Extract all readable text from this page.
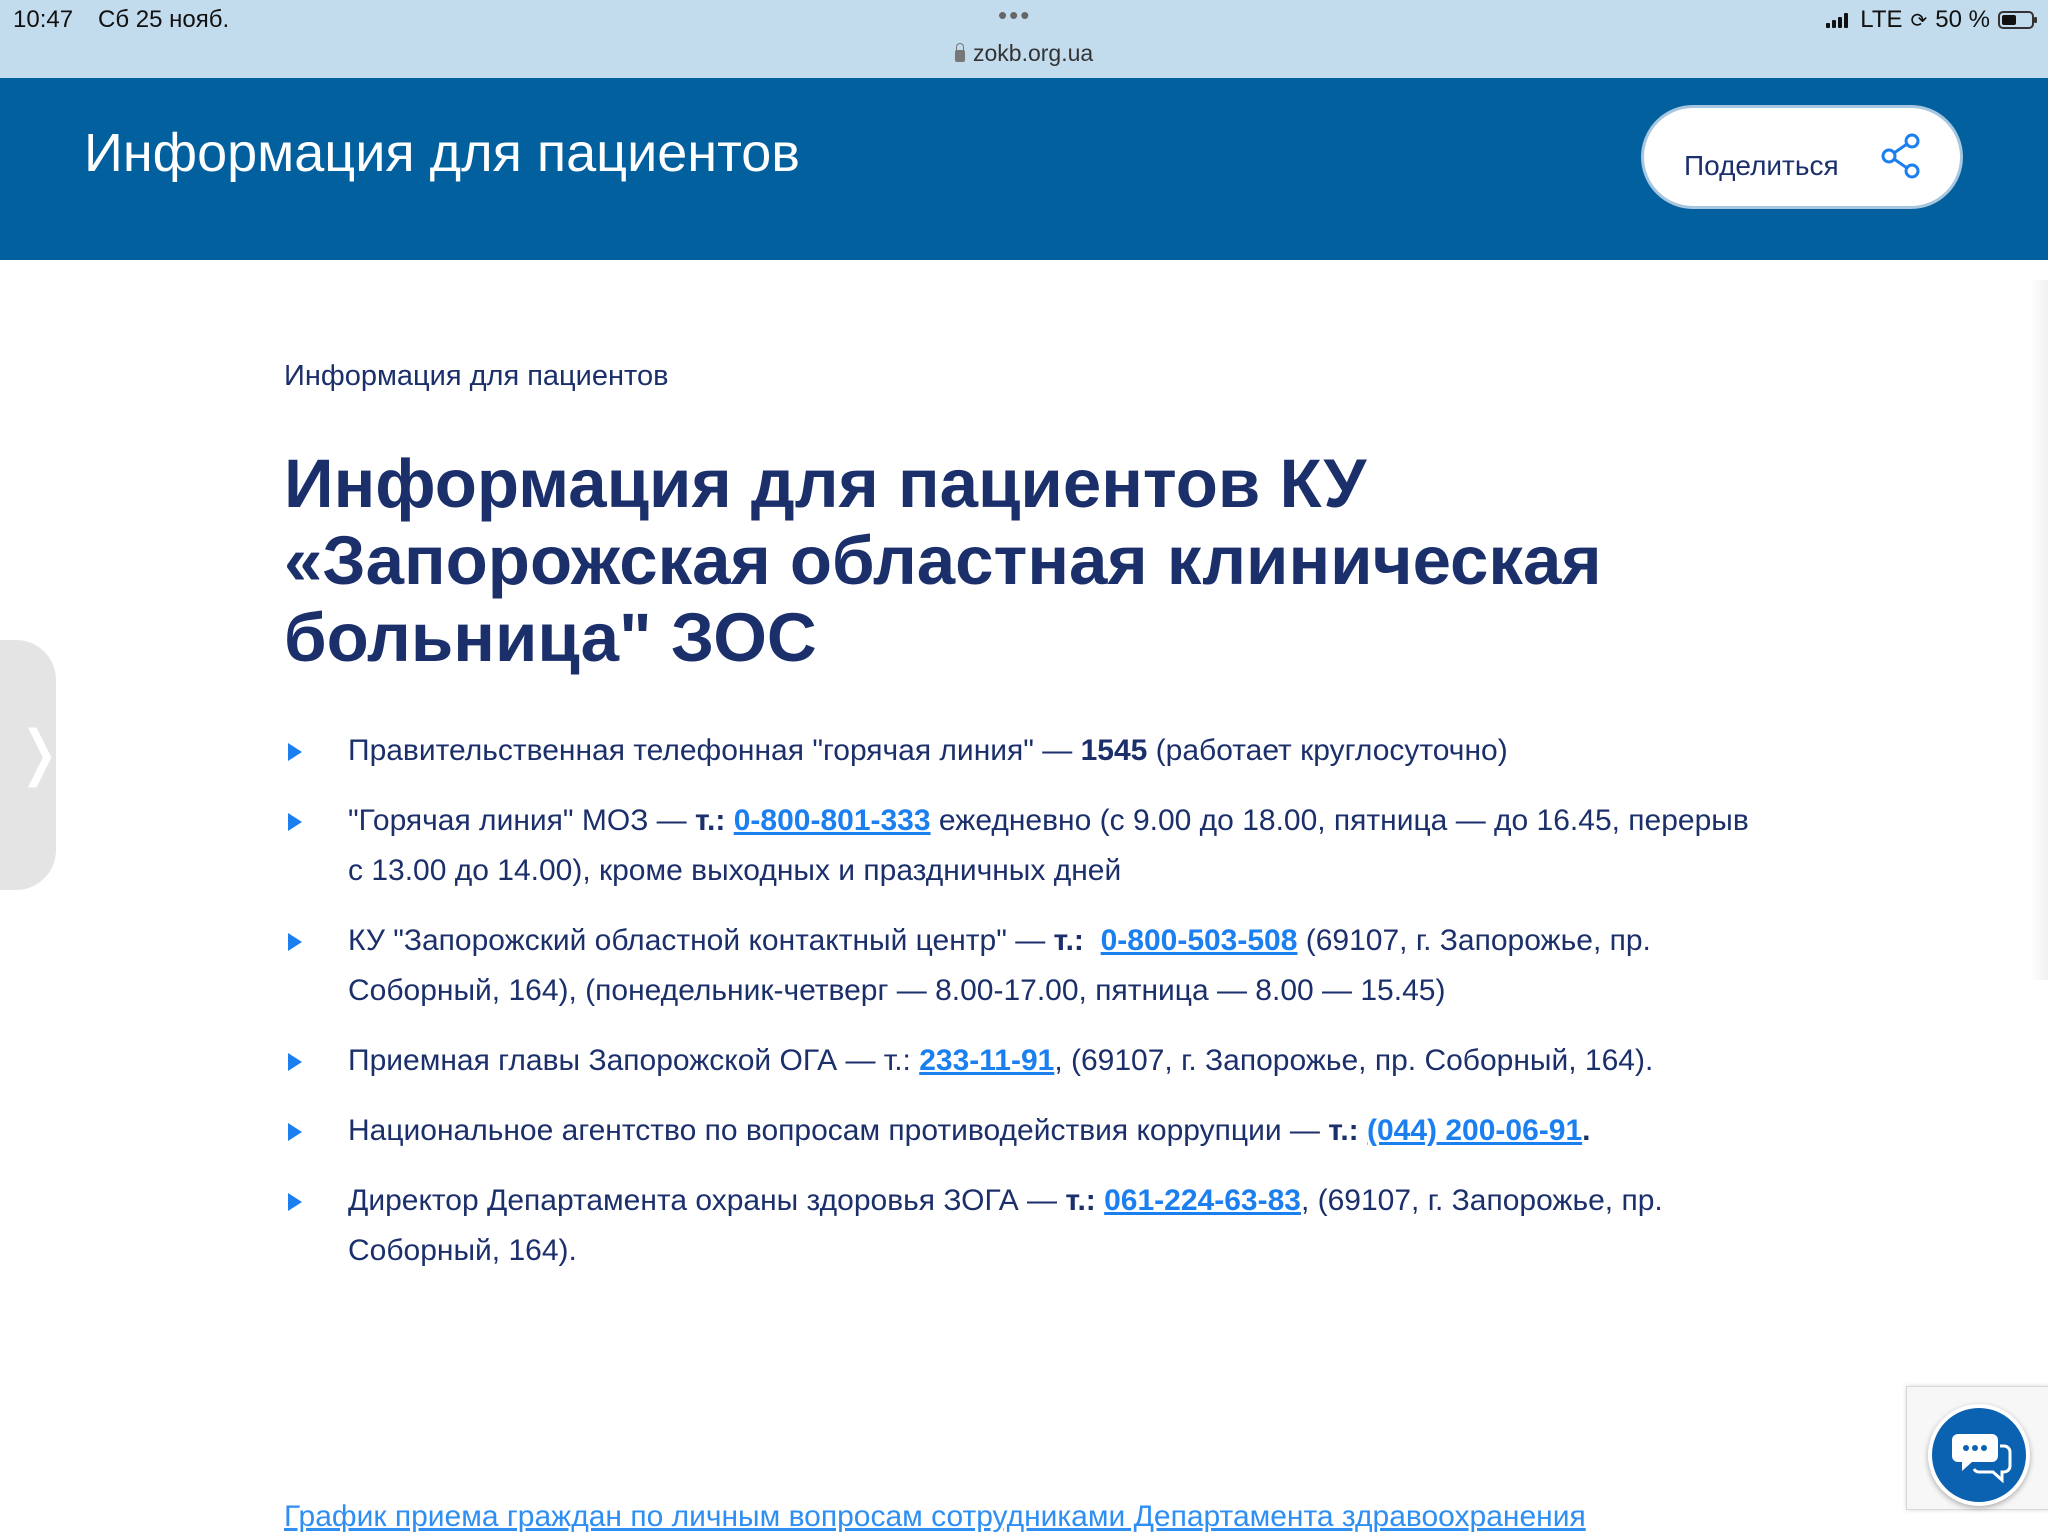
10:47 Сб 25 нояб.	•••
zokb.org.ua
LTE ⟳ 50 %
Информация для пациентов	Поделиться
❭
Информация для пациентов
Информация для пациентов КУ «Запорожская областная клиническая больница" ЗОС
Правительственная телефонная "горячая линия" — 1545 (работает круглосуточно)
"Горячая линия" МОЗ — т.: 0-800-801-333 ежедневно (с 9.00 до 18.00, пятница — до 16.45, перерыв с 13.00 до 14.00), кроме выходных и праздничных дней
КУ "Запорожский областной контактный центр" — т.: 0-800-503-508 (69107, г. Запорожье, пр. Соборный, 164), (понедельник-четверг — 8.00-17.00, пятница — 8.00 — 15.45)
Приемная главы Запорожской ОГА — т.: 233-11-91, (69107, г. Запорожье, пр. Соборный, 164).
Национальное агентство по вопросам противодействия коррупции — т.: (044) 200-06-91.
Директор Департамента охраны здоровья ЗОГА — т.: 061-224-63-83, (69107, г. Запорожье, пр. Соборный, 164).
График приема граждан по личным вопросам сотрудниками Департамента здравоохранения
